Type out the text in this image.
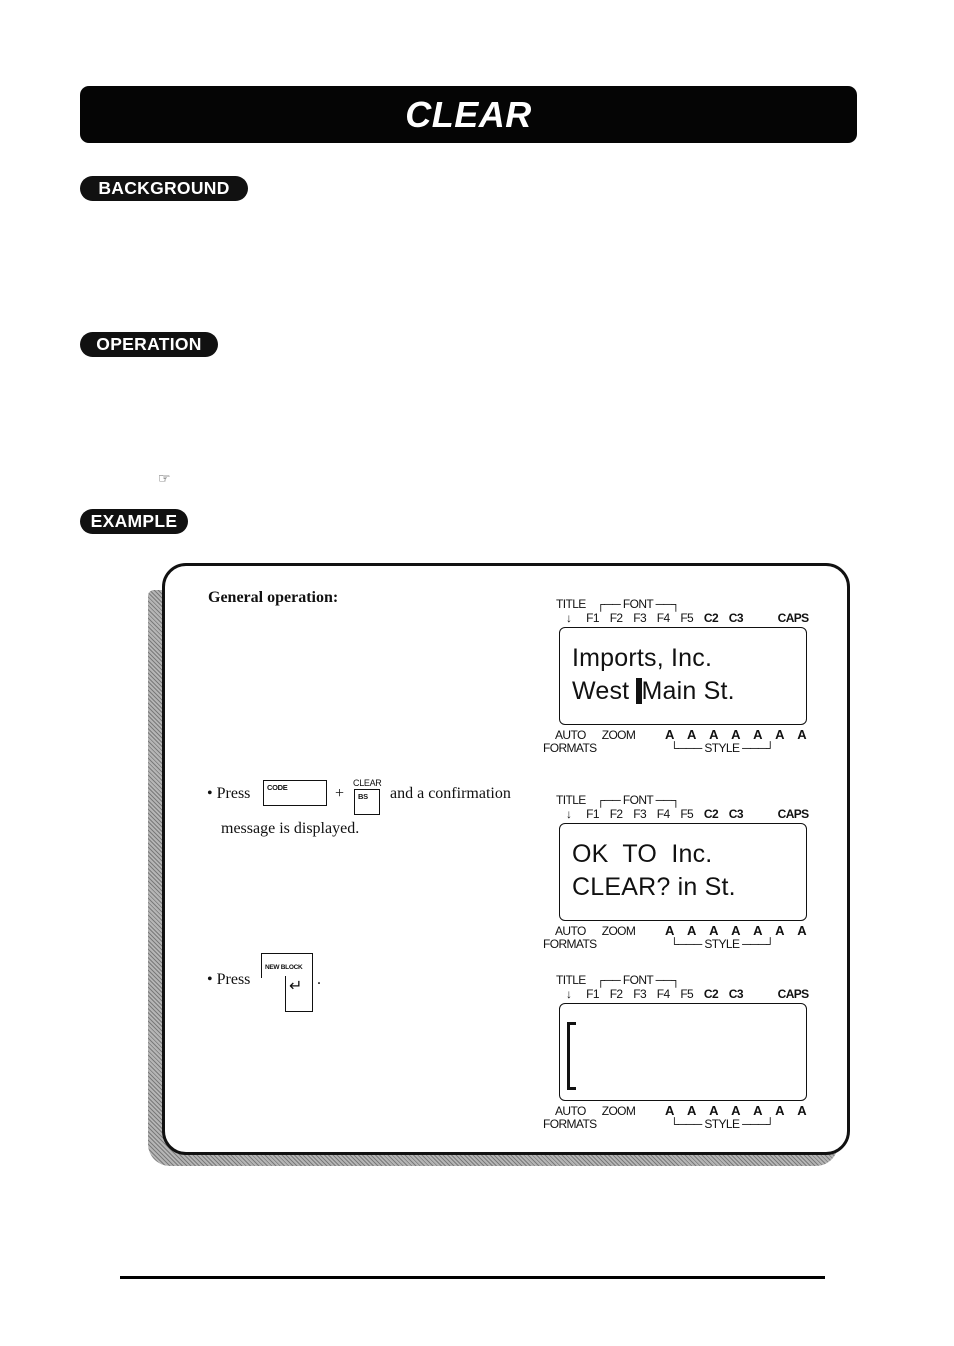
CLEAR
BACKGROUND
OPERATION
☞
EXAMPLE
General operation:
• Press CODE	+
CLEAR
BS and a confirmation
message is displayed.
• Press
NEW BLOCK
↵ .
TITLE ┌── FONT ──┐
↓ F1 F2 F3 F4 F5 C2 C3	CAPS
Imports, Inc.
West Main St.
AUTO ZOOM
FORMATS
A A A A A A A
└─── STYLE ───┘
TITLE ┌── FONT ──┐
↓ F1 F2 F3 F4 F5 C2 C3	CAPS
OK  TO  Inc.
CLEAR? in St.
AUTO ZOOM
FORMATS
A A A A A A A
└─── STYLE ───┘
TITLE ┌── FONT ──┐
↓ F1 F2 F3 F4 F5 C2 C3	CAPS
AUTO ZOOM
FORMATS
A A A A A A A
└─── STYLE ───┘
